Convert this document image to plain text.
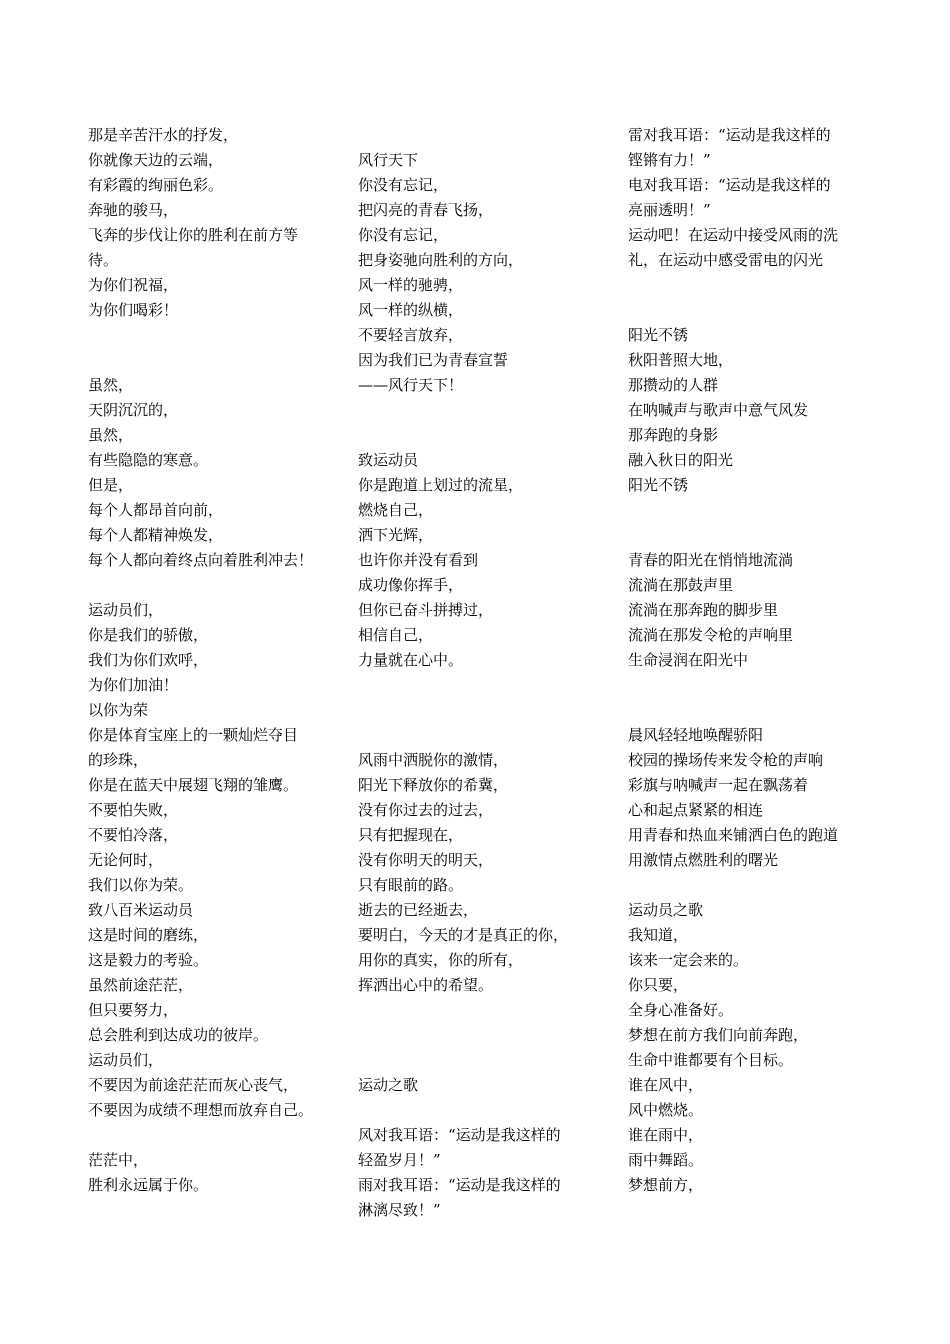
那是辛苦汗水的抒发，
你就像天边的云端，
有彩霞的绚丽色彩。
奔驰的骏马，
飞奔的步伐让你的胜利在前方等
待。
为你们祝福，
为你们喝彩！
虽然，
天阴沉沉的，
虽然，
有些隐隐的寒意。
但是，
每个人都昂首向前，
每个人都精神焕发，
每个人都向着终点向着胜利冲去！
运动员们，
你是我们的骄傲，
我们为你们欢呼，
为你们加油！
以你为荣
你是体育宝座上的一颗灿烂夺目
的珍珠，
你是在蓝天中展翅飞翔的雏鹰。
不要怕失败，
不要怕冷落，
无论何时，
我们以你为荣。
致八百米运动员
这是时间的磨练，
这是毅力的考验。
虽然前途茫茫，
但只要努力，
总会胜利到达成功的彼岸。
运动员们，
不要因为前途茫茫而灰心丧气，
不要因为成绩不理想而放弃自己。
茫茫中，
胜利永远属于你。
风行天下
你没有忘记，
把闪亮的青春飞扬，
你没有忘记，
把身姿驰向胜利的方向，
风一样的驰骋，
风一样的纵横，
不要轻言放弃，
因为我们已为青春宣誓
——风行天下！
致运动员
你是跑道上划过的流星，
燃烧自己，
洒下光辉，
也许你并没有看到
成功像你挥手，
但你已奋斗拼搏过，
相信自己，
力量就在心中。
风雨中洒脱你的激情，
阳光下释放你的希冀，
没有你过去的过去，
只有把握现在，
没有你明天的明天，
只有眼前的路。
逝去的已经逝去，
要明白，今天的才是真正的你，
用你的真实，你的所有，
挥洒出心中的希望。
运动之歌
风对我耳语：“运动是我这样的
轻盈岁月！”
雨对我耳语：“运动是我这样的
淋漓尽致！”
雷对我耳语：“运动是我这样的
铿锵有力！”
电对我耳语：“运动是我这样的
亮丽透明！”
运动吧！在运动中接受风雨的洗
礼，在运动中感受雷电的闪光
阳光不锈
秋阳普照大地，
那攒动的人群
在呐喊声与歌声中意气风发
那奔跑的身影
融入秋日的阳光
阳光不锈
青春的阳光在悄悄地流淌
流淌在那鼓声里
流淌在那奔跑的脚步里
流淌在那发令枪的声响里
生命浸润在阳光中
晨风轻轻地唤醒骄阳
校园的操场传来发令枪的声响
彩旗与呐喊声一起在飘荡着
心和起点紧紧的相连
用青春和热血来铺洒白色的跑道
用激情点燃胜利的曙光
运动员之歌
我知道，
该来一定会来的。
你只要，
全身心准备好。
梦想在前方我们向前奔跑，
生命中谁都要有个目标。
谁在风中，
风中燃烧。
谁在雨中，
雨中舞蹈。
梦想前方，
